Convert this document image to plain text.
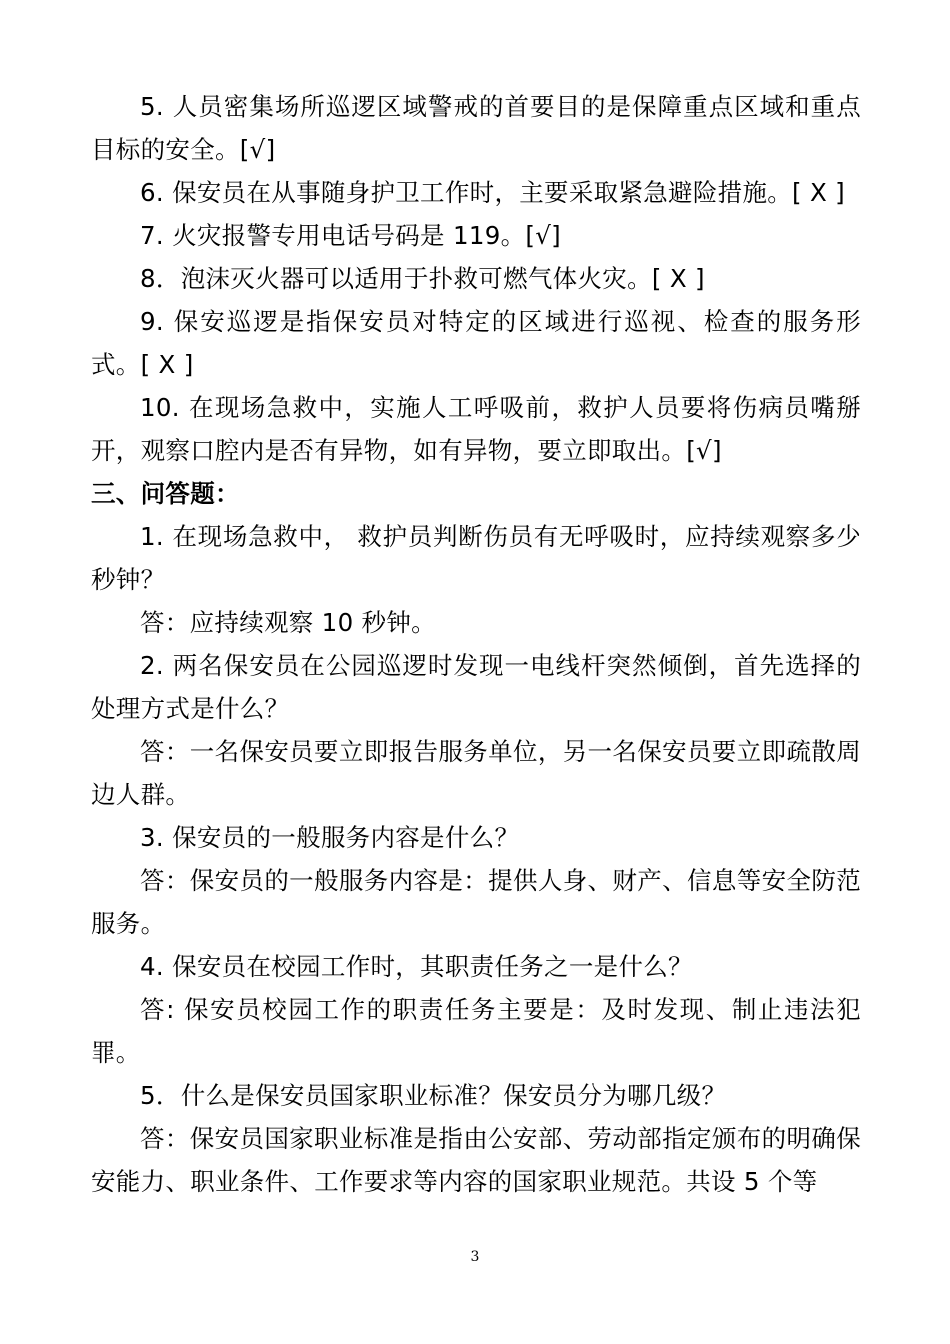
5. 人员密集场所巡逻区域警戒的首要目的是保障重点区域和重点目标的安全。[√]

6. 保安员在从事随身护卫工作时，主要采取紧急避险措施。[ X ]

7. 火灾报警专用电话号码是 119。[√]

8．泡沫灭火器可以适用于扑救可燃气体火灾。[ X ]

9. 保安巡逻是指保安员对特定的区域进行巡视、检查的服务形式。[ X ]

10. 在现场急救中，实施人工呼吸前，救护人员要将伤病员嘴掰开，观察口腔内是否有异物，如有异物，要立即取出。[√]

三、问答题：

1. 在现场急救中， 救护员判断伤员有无呼吸时，应持续观察多少秒钟？

答：应持续观察 10 秒钟。

2. 两名保安员在公园巡逻时发现一电线杆突然倾倒，首先选择的处理方式是什么？

答：一名保安员要立即报告服务单位，另一名保安员要立即疏散周边人群。

3. 保安员的一般服务内容是什么？

答：保安员的一般服务内容是：提供人身、财产、信息等安全防范服务。

4. 保安员在校园工作时，其职责任务之一是什么？

答: 保安员校园工作的职责任务主要是：及时发现、制止违法犯罪。

5．什么是保安员国家职业标准？保安员分为哪几级？

答：保安员国家职业标准是指由公安部、劳动部指定颁布的明确保安能力、职业条件、工作要求等内容的国家职业规范。共设 5 个等

3
